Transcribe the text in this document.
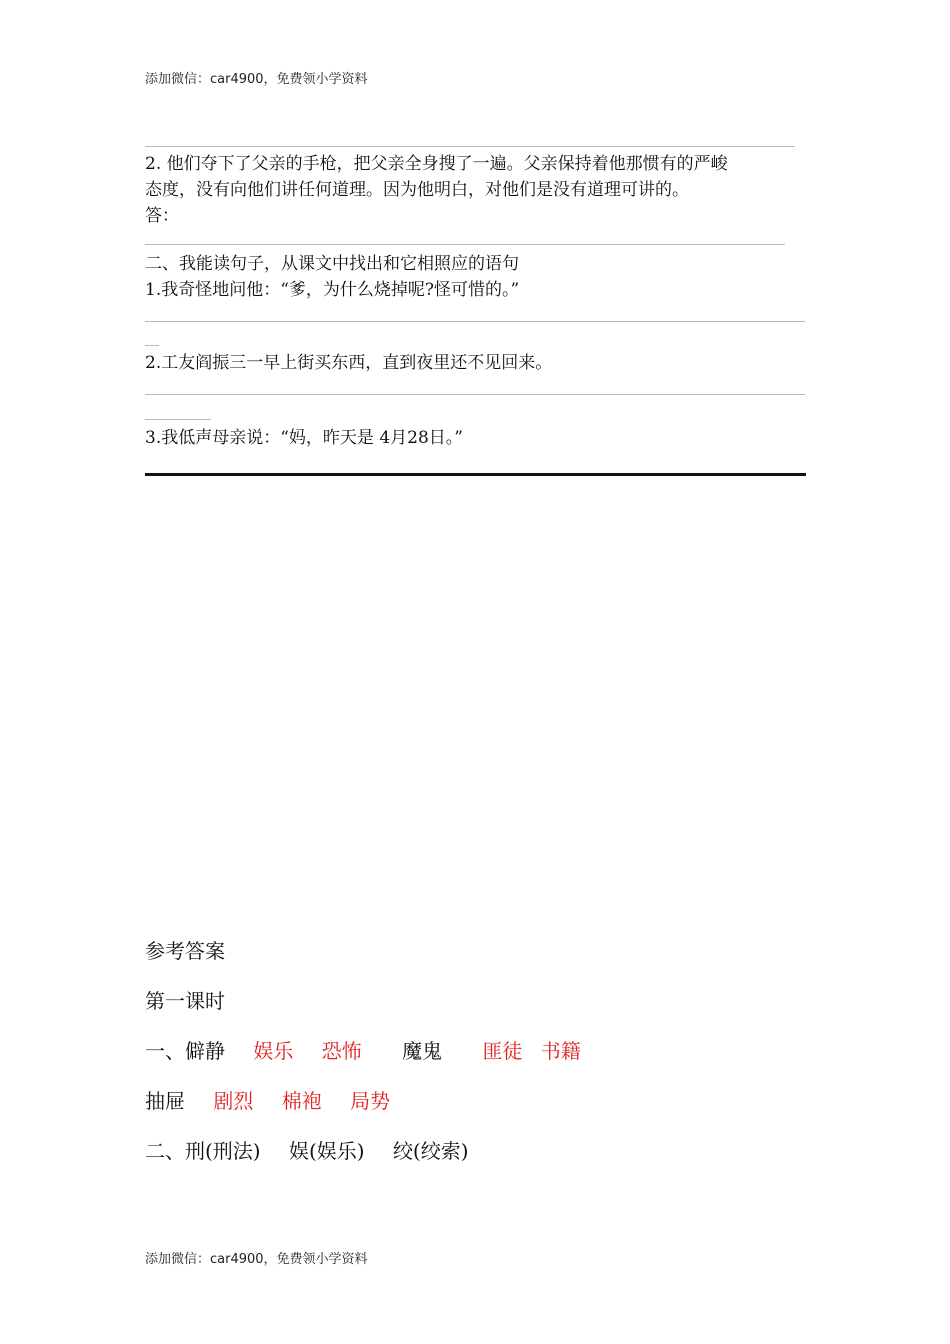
添加微信：car4900，免费领小学资料
2. 他们夺下了父亲的手枪，把父亲全身搜了一遍。父亲保持着他那惯有的严峻
态度，没有向他们讲任何道理。因为他明白，对他们是没有道理可讲的。
答：
二、我能读句子，从课文中找出和它相照应的语句
1.我奇怪地问他：“爹，为什么烧掉呢?怪可惜的。”
2.工友阎振三一早上街买东西，直到夜里还不见回来。
3.我低声母亲说：“妈，昨天是 4月28日。”
参考答案
第一课时
一、僻静 娱乐 恐怖 魔鬼 匪徒 书籍
抽屉 剧烈 棉袍 局势
二、刑(刑法) 娱(娱乐) 绞(绞索)
添加微信：car4900，免费领小学资料
